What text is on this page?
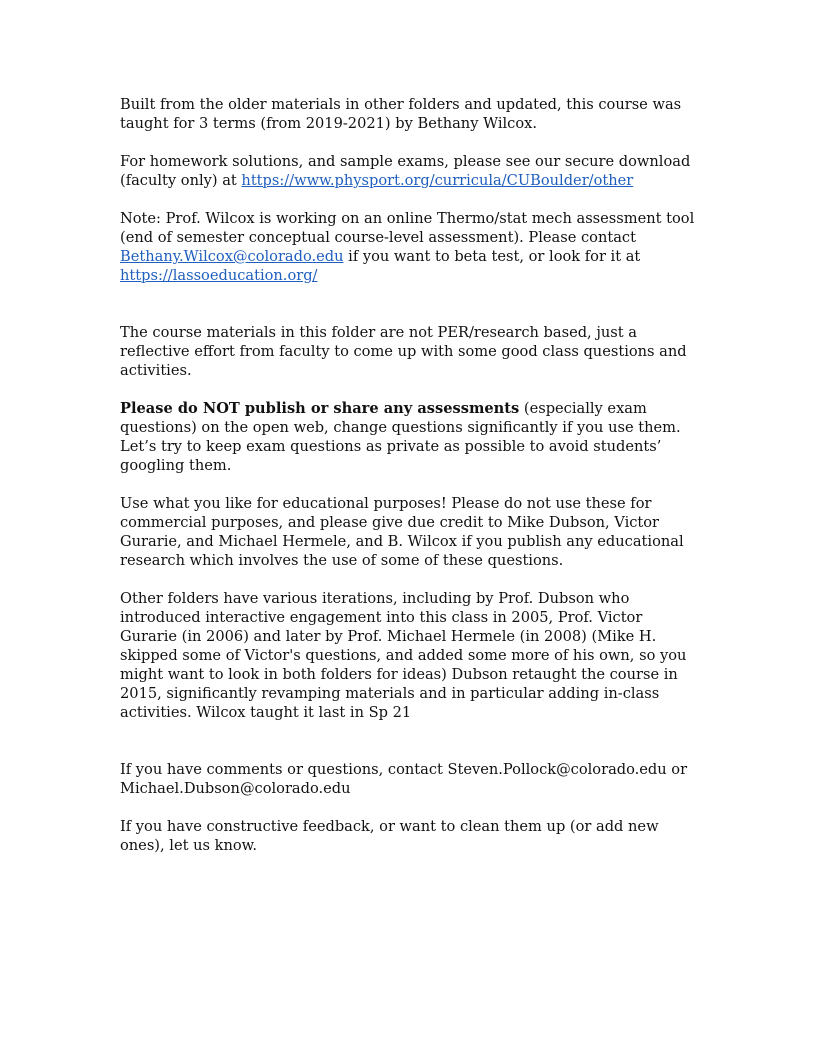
Built from the older materials in other folders and updated, this course was taught for 3 terms (from 2019-2021) by Bethany Wilcox.

For homework solutions, and sample exams, please see our secure download (faculty only) at https://www.physport.org/curricula/CUBoulder/other

Note: Prof. Wilcox is working on an online Thermo/stat mech assessment tool (end of semester conceptual course-level assessment). Please contact Bethany.Wilcox@colorado.edu if you want to beta test, or look for it at https://lassoeducation.org/

The course materials in this folder are not PER/research based, just a reflective effort from faculty to come up with some good class questions and activities.

Please do NOT publish or share any assessments (especially exam questions) on the open web, change questions significantly if you use them. Let’s try to keep exam questions as private as possible to avoid students’ googling them.

Use what you like for educational purposes! Please do not use these for commercial purposes, and please give due credit to Mike Dubson, Victor Gurarie, and Michael Hermele, and B. Wilcox if you publish any educational research which involves the use of some of these questions.

Other folders have various iterations, including by Prof. Dubson who introduced interactive engagement into this class in 2005, Prof. Victor Gurarie (in 2006) and later by Prof. Michael Hermele (in 2008) (Mike H. skipped some of Victor's questions, and added some more of his own, so you might want to look in both folders for ideas) Dubson retaught the course in 2015, significantly revamping materials and in particular adding in-class activities. Wilcox taught it last in Sp 21

If you have comments or questions, contact Steven.Pollock@colorado.edu or Michael.Dubson@colorado.edu

If you have constructive feedback, or want to clean them up (or add new ones), let us know.
